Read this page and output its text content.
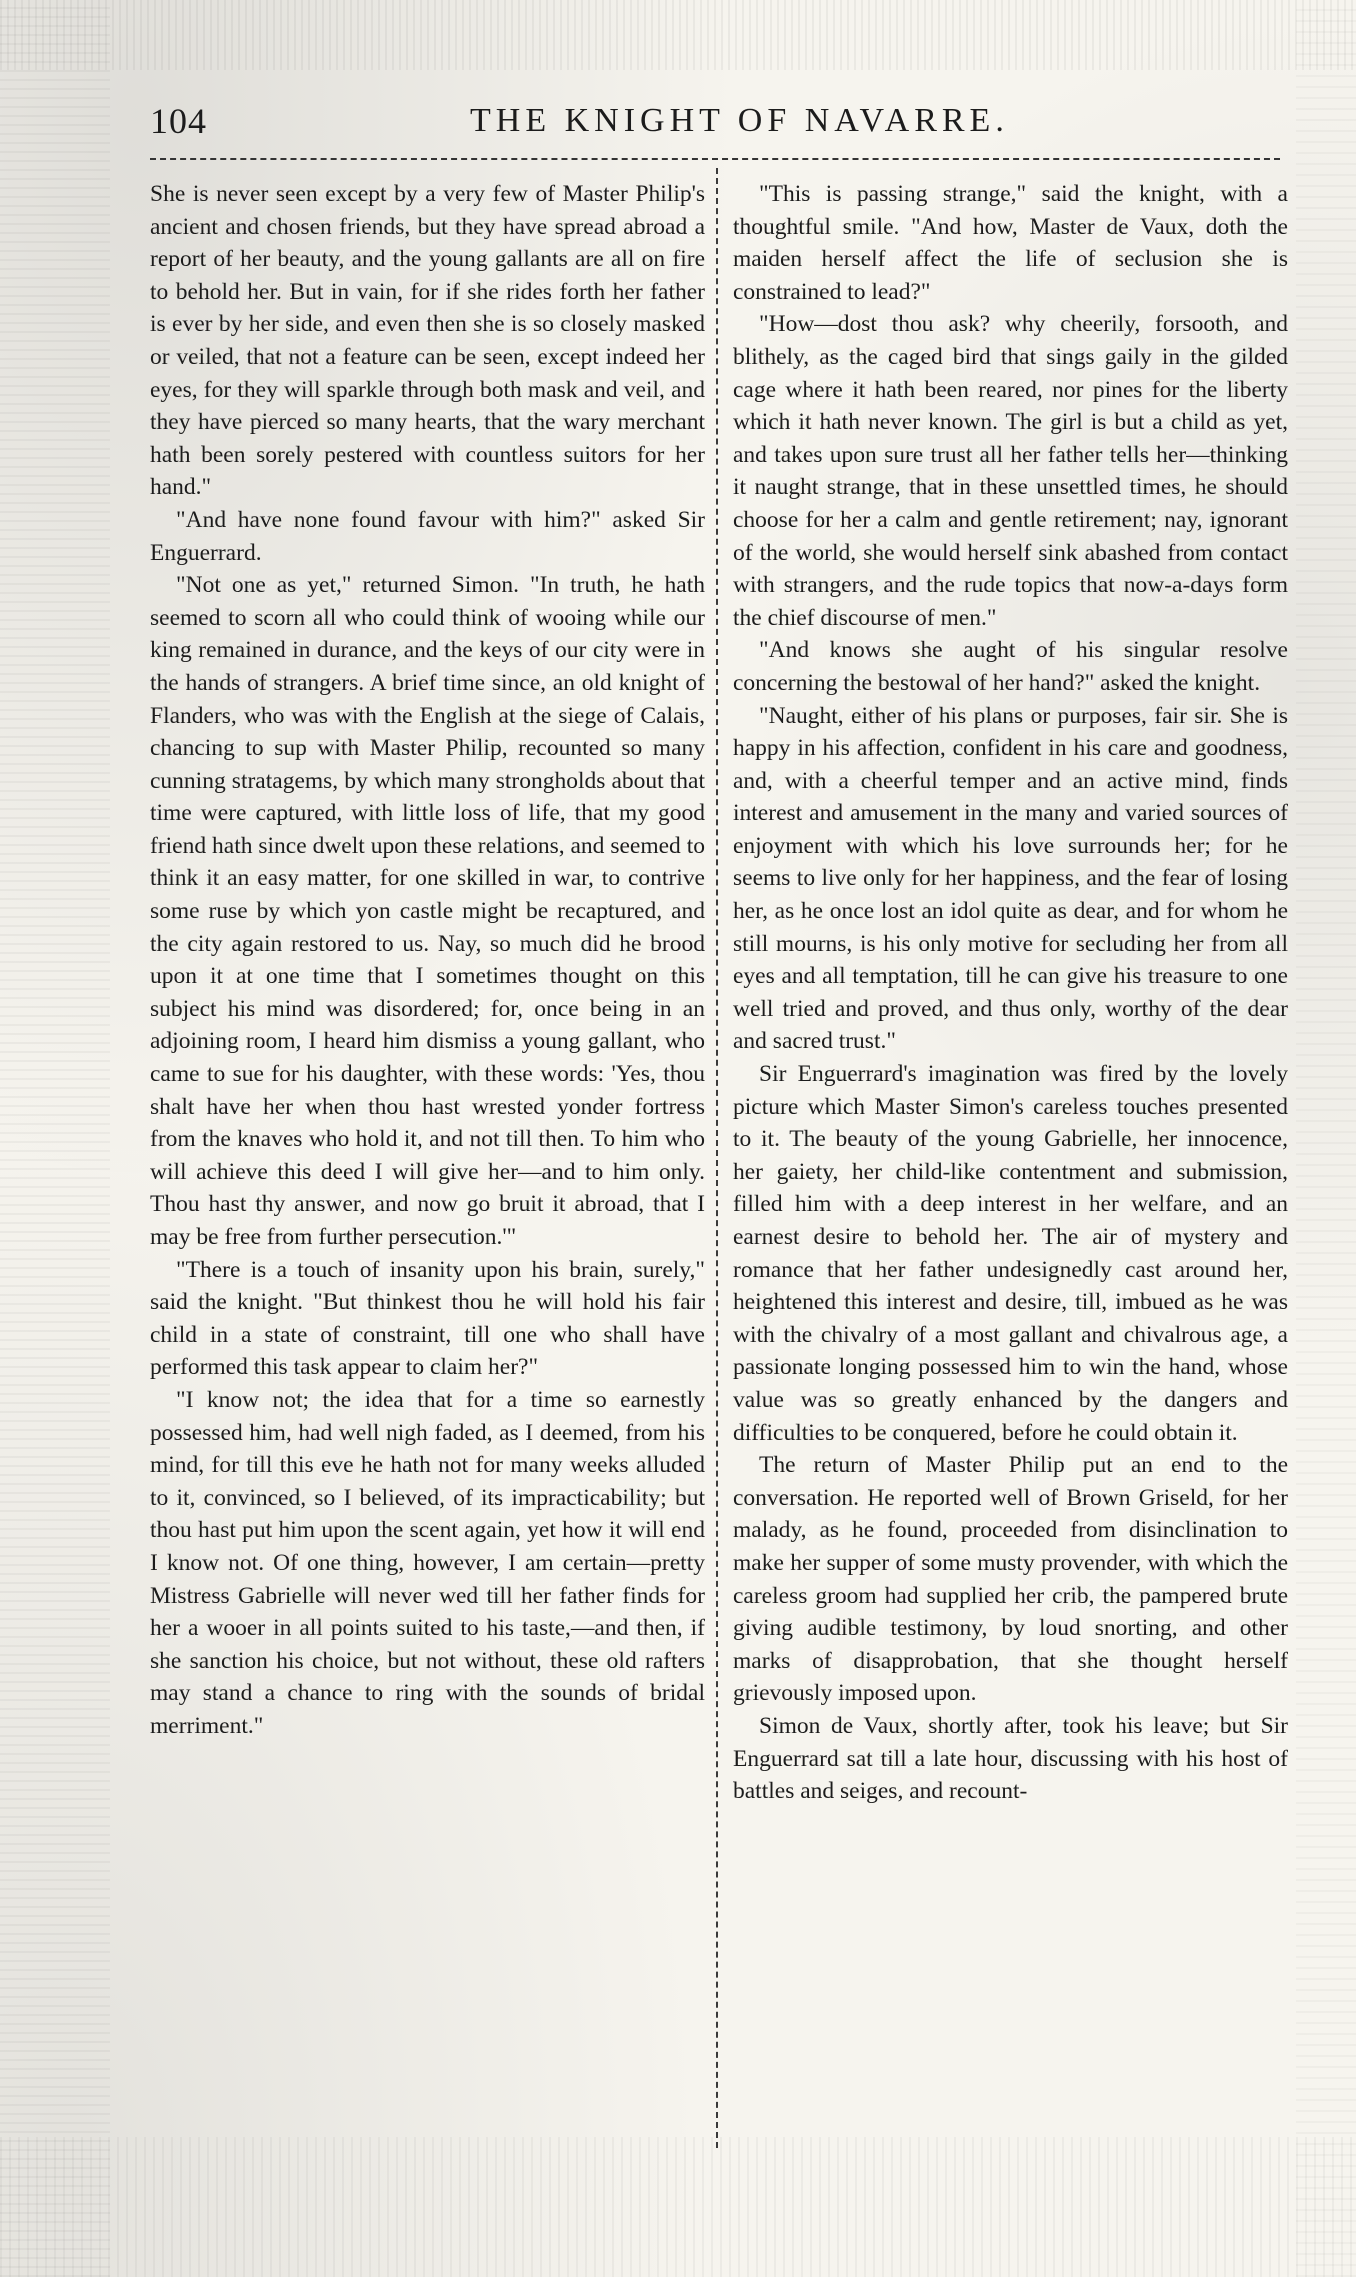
104	THE KNIGHT OF NAVARRE.

She is never seen except by a very few of Master Philip's ancient and chosen friends, but they have spread abroad a report of her beauty, and the young gallants are all on fire to behold her. But in vain, for if she rides forth her father is ever by her side, and even then she is so closely masked or veiled, that not a feature can be seen, except indeed her eyes, for they will sparkle through both mask and veil, and they have pierced so many hearts, that the wary merchant hath been sorely pestered with countless suitors for her hand."

"And have none found favour with him?" asked Sir Enguerrard.

"Not one as yet," returned Simon. "In truth, he hath seemed to scorn all who could think of wooing while our king remained in durance, and the keys of our city were in the hands of strangers. A brief time since, an old knight of Flanders, who was with the English at the siege of Calais, chancing to sup with Master Philip, recounted so many cunning stratagems, by which many strongholds about that time were captured, with little loss of life, that my good friend hath since dwelt upon these relations, and seemed to think it an easy matter, for one skilled in war, to contrive some ruse by which yon castle might be recaptured, and the city again restored to us. Nay, so much did he brood upon it at one time that I sometimes thought on this subject his mind was disordered; for, once being in an adjoining room, I heard him dismiss a young gallant, who came to sue for his daughter, with these words: 'Yes, thou shalt have her when thou hast wrested yonder fortress from the knaves who hold it, and not till then. To him who will achieve this deed I will give her—and to him only. Thou hast thy answer, and now go bruit it abroad, that I may be free from further persecution.'"

"There is a touch of insanity upon his brain, surely," said the knight. "But thinkest thou he will hold his fair child in a state of constraint, till one who shall have performed this task appear to claim her?"

"I know not; the idea that for a time so earnestly possessed him, had well nigh faded, as I deemed, from his mind, for till this eve he hath not for many weeks alluded to it, convinced, so I believed, of its impracticability; but thou hast put him upon the scent again, yet how it will end I know not. Of one thing, however, I am certain—pretty Mistress Gabrielle will never wed till her father finds for her a wooer in all points suited to his taste,—and then, if she sanction his choice, but not without, these old rafters may stand a chance to ring with the sounds of bridal merriment."

"This is passing strange," said the knight, with a thoughtful smile. "And how, Master de Vaux, doth the maiden herself affect the life of seclusion she is constrained to lead?"

"How—dost thou ask? why cheerily, forsooth, and blithely, as the caged bird that sings gaily in the gilded cage where it hath been reared, nor pines for the liberty which it hath never known. The girl is but a child as yet, and takes upon sure trust all her father tells her—thinking it naught strange, that in these unsettled times, he should choose for her a calm and gentle retirement; nay, ignorant of the world, she would herself sink abashed from contact with strangers, and the rude topics that now-a-days form the chief discourse of men."

"And knows she aught of his singular resolve concerning the bestowal of her hand?" asked the knight.

"Naught, either of his plans or purposes, fair sir. She is happy in his affection, confident in his care and goodness, and, with a cheerful temper and an active mind, finds interest and amusement in the many and varied sources of enjoyment with which his love surrounds her; for he seems to live only for her happiness, and the fear of losing her, as he once lost an idol quite as dear, and for whom he still mourns, is his only motive for secluding her from all eyes and all temptation, till he can give his treasure to one well tried and proved, and thus only, worthy of the dear and sacred trust."

Sir Enguerrard's imagination was fired by the lovely picture which Master Simon's careless touches presented to it. The beauty of the young Gabrielle, her innocence, her gaiety, her child-like contentment and submission, filled him with a deep interest in her welfare, and an earnest desire to behold her. The air of mystery and romance that her father undesignedly cast around her, heightened this interest and desire, till, imbued as he was with the chivalry of a most gallant and chivalrous age, a passionate longing possessed him to win the hand, whose value was so greatly enhanced by the dangers and difficulties to be conquered, before he could obtain it.

The return of Master Philip put an end to the conversation. He reported well of Brown Griseld, for her malady, as he found, proceeded from disinclination to make her supper of some musty provender, with which the careless groom had supplied her crib, the pampered brute giving audible testimony, by loud snorting, and other marks of disapprobation, that she thought herself grievously imposed upon.

Simon de Vaux, shortly after, took his leave; but Sir Enguerrard sat till a late hour, discussing with his host of battles and seiges, and recount-
